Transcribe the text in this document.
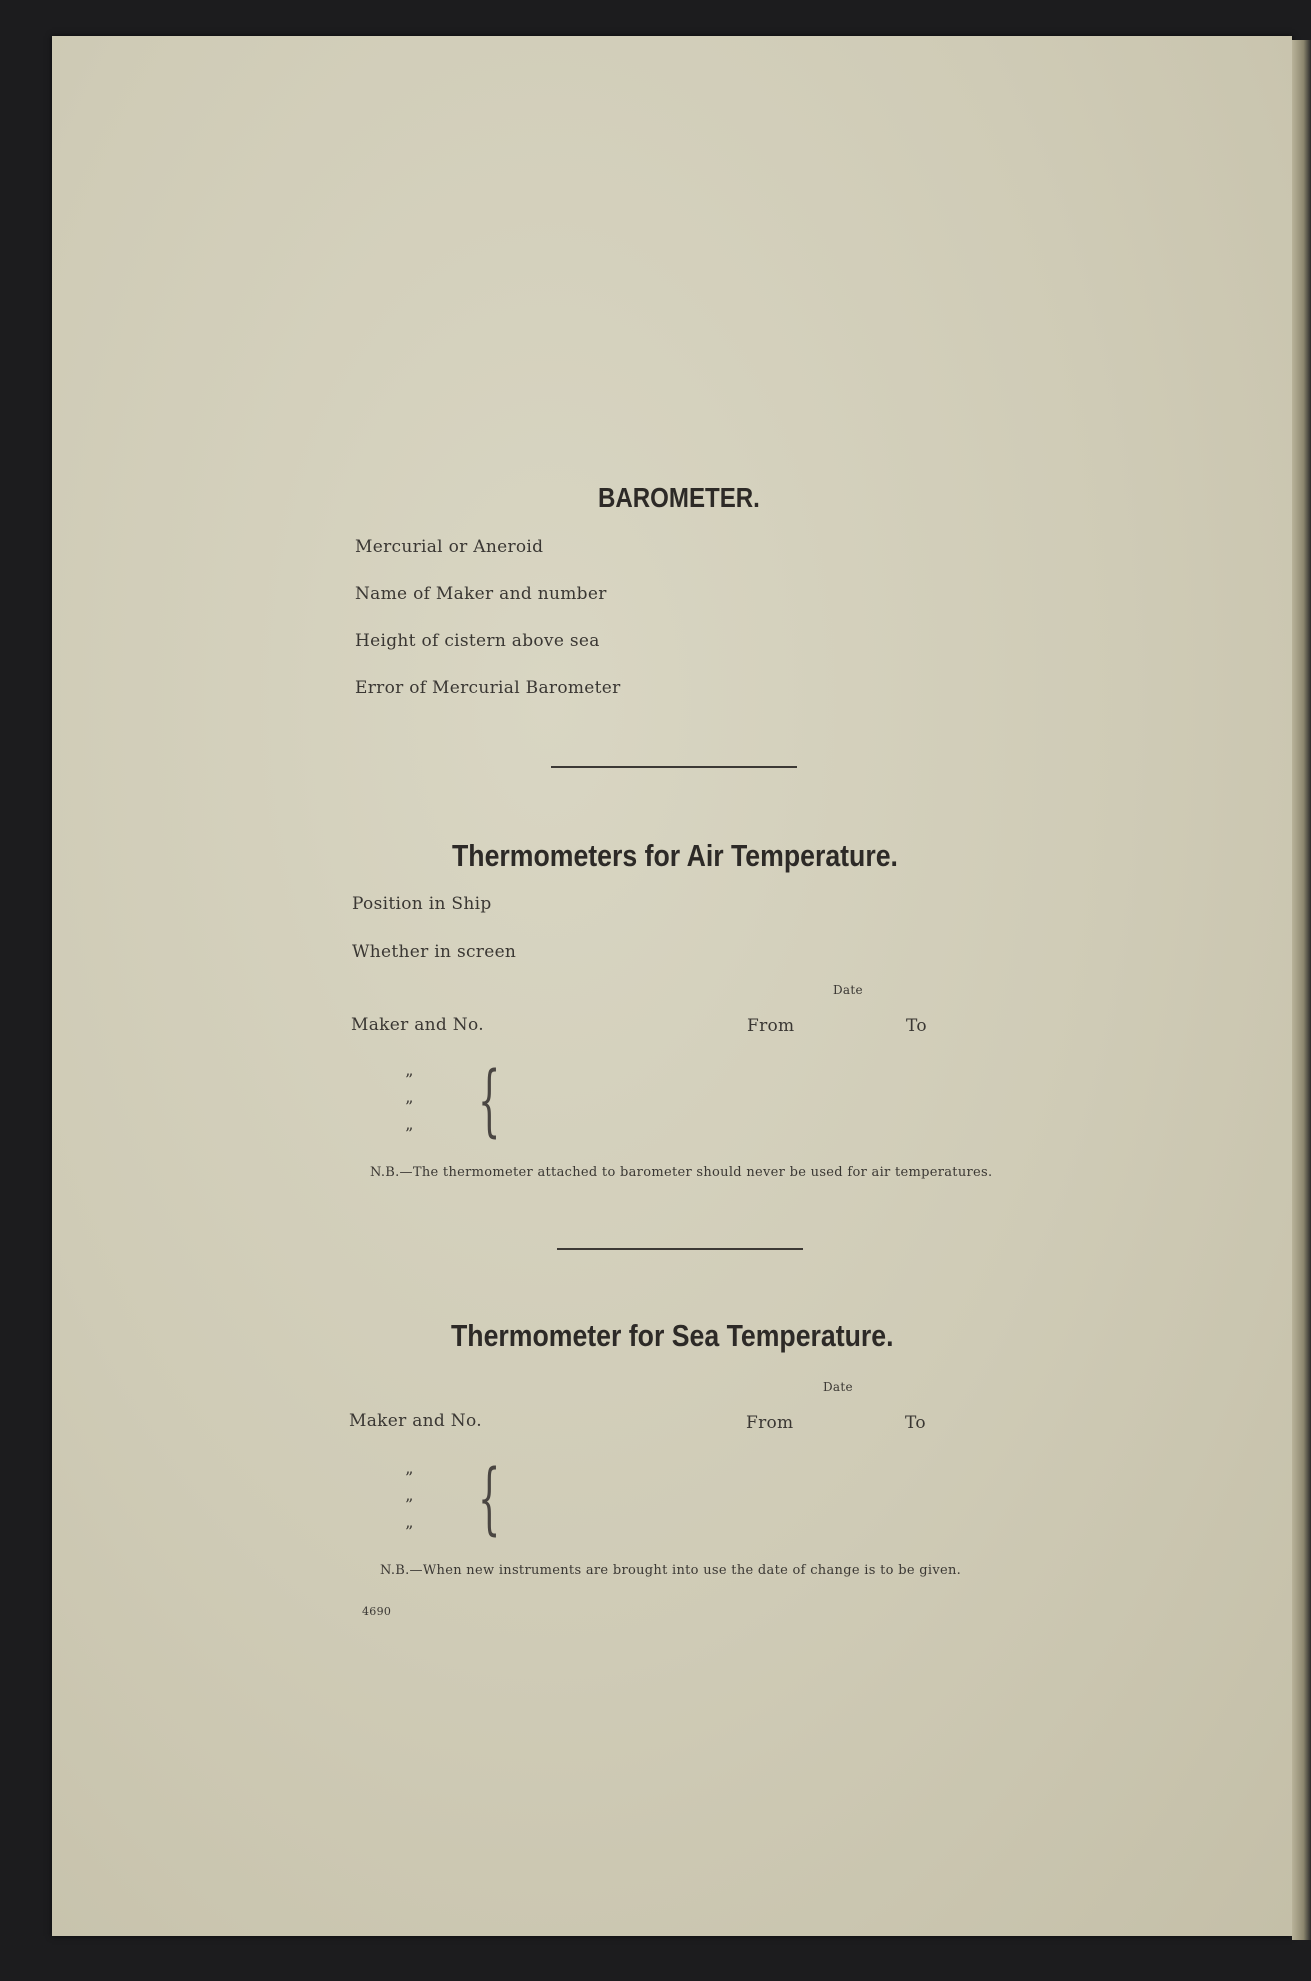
BAROMETER.
Mercurial or Aneroid
Name of Maker and number
Height of cistern above sea
Error of Mercurial Barometer
Thermometers for Air Temperature.
Position in Ship
Whether in screen
Date
Maker and No.	From	To
”
”
” {
N.B.—The thermometer attached to barometer should never be used for air temperatures.
Thermometer for Sea Temperature.
Date
Maker and No.	From	To
”
”
” {
N.B.—When new instruments are brought into use the date of change is to be given.
4690
